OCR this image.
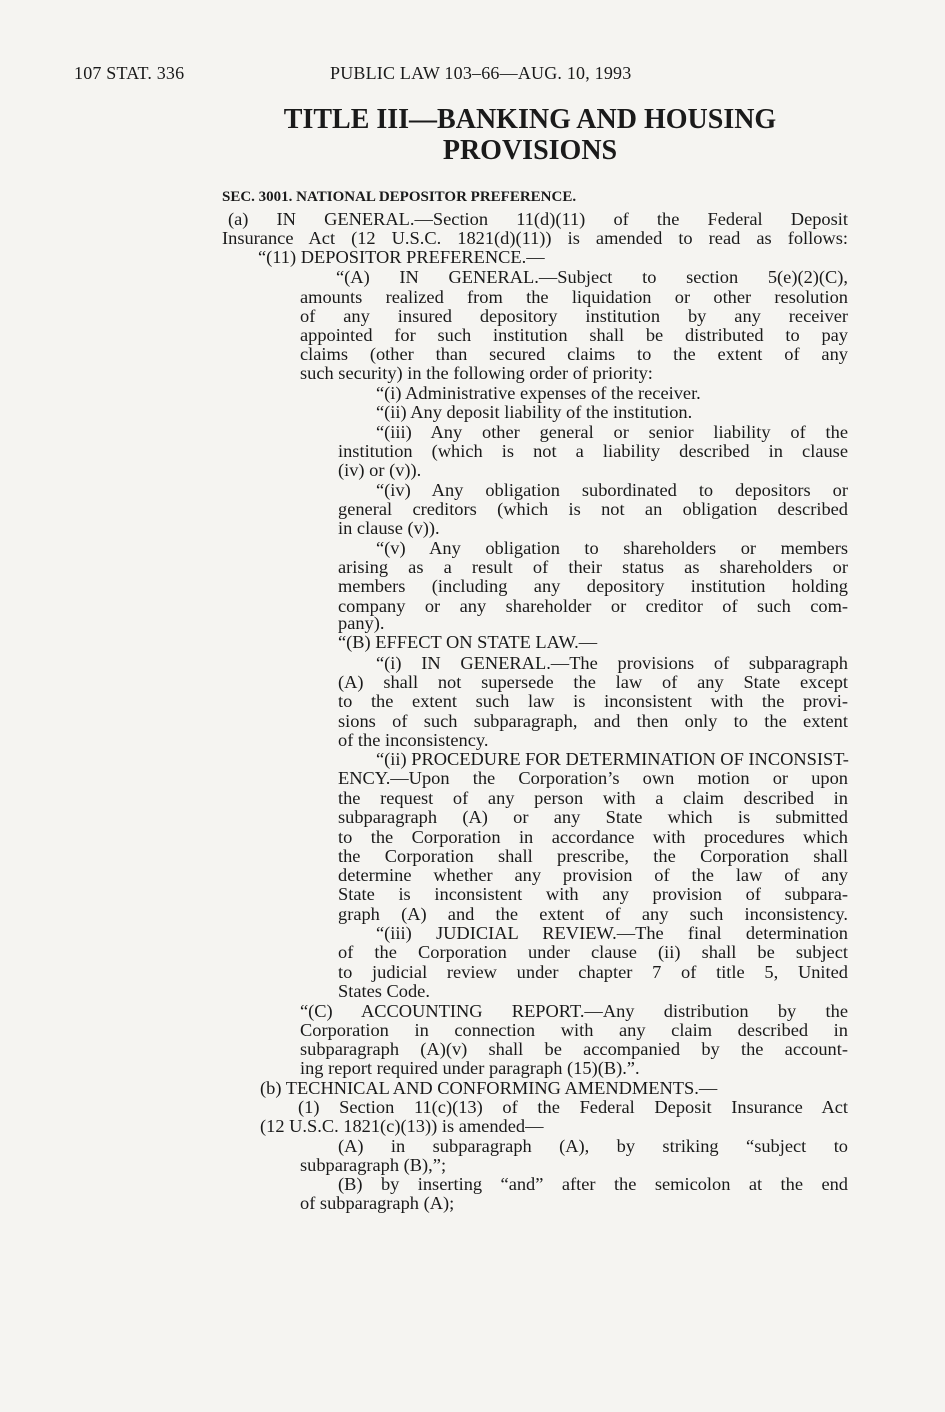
107 STAT. 336	PUBLIC LAW 103–66—AUG. 10, 1993
TITLE III—BANKING AND HOUSING
PROVISIONS
SEC. 3001. NATIONAL DEPOSITOR PREFERENCE.
(a) IN GENERAL.—Section 11(d)(11) of the Federal Deposit
Insurance Act (12 U.S.C. 1821(d)(11)) is amended to read as follows:
“(11) DEPOSITOR PREFERENCE.—
“(A) IN GENERAL.—Subject to section 5(e)(2)(C),
amounts realized from the liquidation or other resolution
of any insured depository institution by any receiver
appointed for such institution shall be distributed to pay
claims (other than secured claims to the extent of any
such security) in the following order of priority:
“(i) Administrative expenses of the receiver.
“(ii) Any deposit liability of the institution.
“(iii) Any other general or senior liability of the
institution (which is not a liability described in clause
(iv) or (v)).
“(iv) Any obligation subordinated to depositors or
general creditors (which is not an obligation described
in clause (v)).
“(v) Any obligation to shareholders or members
arising as a result of their status as shareholders or
members (including any depository institution holding
company or any shareholder or creditor of such com-
pany).
“(B) EFFECT ON STATE LAW.—
“(i) IN GENERAL.—The provisions of subparagraph
(A) shall not supersede the law of any State except
to the extent such law is inconsistent with the provi-
sions of such subparagraph, and then only to the extent
of the inconsistency.
“(ii) PROCEDURE FOR DETERMINATION OF INCONSIST-
ENCY.—Upon the Corporation’s own motion or upon
the request of any person with a claim described in
subparagraph (A) or any State which is submitted
to the Corporation in accordance with procedures which
the Corporation shall prescribe, the Corporation shall
determine whether any provision of the law of any
State is inconsistent with any provision of subpara-
graph (A) and the extent of any such inconsistency.
“(iii) JUDICIAL REVIEW.—The final determination
of the Corporation under clause (ii) shall be subject
to judicial review under chapter 7 of title 5, United
States Code.
“(C) ACCOUNTING REPORT.—Any distribution by the
Corporation in connection with any claim described in
subparagraph (A)(v) shall be accompanied by the account-
ing report required under paragraph (15)(B).”.
(b) TECHNICAL AND CONFORMING AMENDMENTS.—
(1) Section 11(c)(13) of the Federal Deposit Insurance Act
(12 U.S.C. 1821(c)(13)) is amended—
(A) in subparagraph (A), by striking “subject to
subparagraph (B),”;
(B) by inserting “and” after the semicolon at the end
of subparagraph (A);
